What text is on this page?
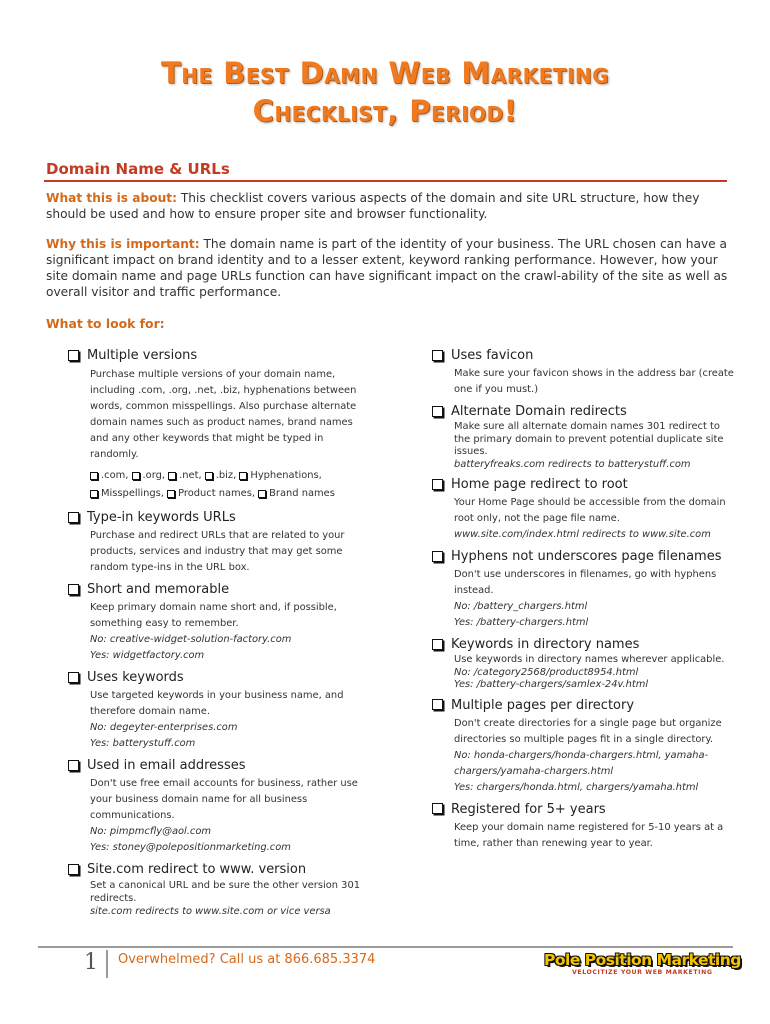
The Best Damn Web Marketing
Checklist, Period!
Domain Name & URLs
What this is about: This checklist covers various aspects of the domain and site URL structure, how they should be used and how to ensure proper site and browser functionality.
Why this is important: The domain name is part of the identity of your business. The URL chosen can have a significant impact on brand identity and to a lesser extent, keyword ranking performance. However, how your site domain name and page URLs function can have significant impact on the crawl-ability of the site as well as overall visitor and traffic performance.
What to look for:
Multiple versions
Purchase multiple versions of your domain name, including .com, .org, .net, .biz, hyphenations between words, common misspellings. Also purchase alternate domain names such as product names, brand names and any other keywords that might be typed in randomly.
.com,
.org,
.net,
.biz,
Hyphenations,
Misspellings,
Product names,
Brand names
Type-in keywords URLs
Purchase and redirect URLs that are related to your products, services and industry that may get some random type-ins in the URL box.
Short and memorable
Keep primary domain name short and, if possible, something easy to remember.
No: creative-widget-solution-factory.com
Yes: widgetfactory.com
Uses keywords
Use targeted keywords in your business name, and therefore domain name.
No: degeyter-enterprises.com
Yes: batterystuff.com
Used in email addresses
Don't use free email accounts for business, rather use your business domain name for all business communications.
No: pimpmcfly@aol.com
Yes: stoney@polepositionmarketing.com
Site.com redirect to www. version
Set a canonical URL and be sure the other version 301 redirects.
site.com redirects to www.site.com or vice versa
Uses favicon
Make sure your favicon shows in the address bar (create one if you must.)
Alternate Domain redirects
Make sure all alternate domain names 301 redirect to the primary domain to prevent potential duplicate site issues.
batteryfreaks.com redirects to batterystuff.com
Home page redirect to root
Your Home Page should be accessible from the domain root only, not the page file name.
www.site.com/index.html redirects to www.site.com
Hyphens not underscores page filenames
Don't use underscores in filenames, go with hyphens instead.
No: /battery_chargers.html
Yes: /battery-chargers.html
Keywords in directory names
Use keywords in directory names wherever applicable.
No: /category2568/product8954.html
Yes: /battery-chargers/samlex-24v.html
Multiple pages per directory
Don't create directories for a single page but organize directories so multiple pages fit in a single directory.
No: honda-chargers/honda-chargers.html, yamaha-chargers/yamaha-chargers.html
Yes: chargers/honda.html, chargers/yamaha.html
Registered for 5+ years
Keep your domain name registered for 5-10 years at a time, rather than renewing year to year.
1 Overwhelmed? Call us at 866.685.3374	Pole Position Marketing
VELOCITIZE YOUR WEB MARKETING
